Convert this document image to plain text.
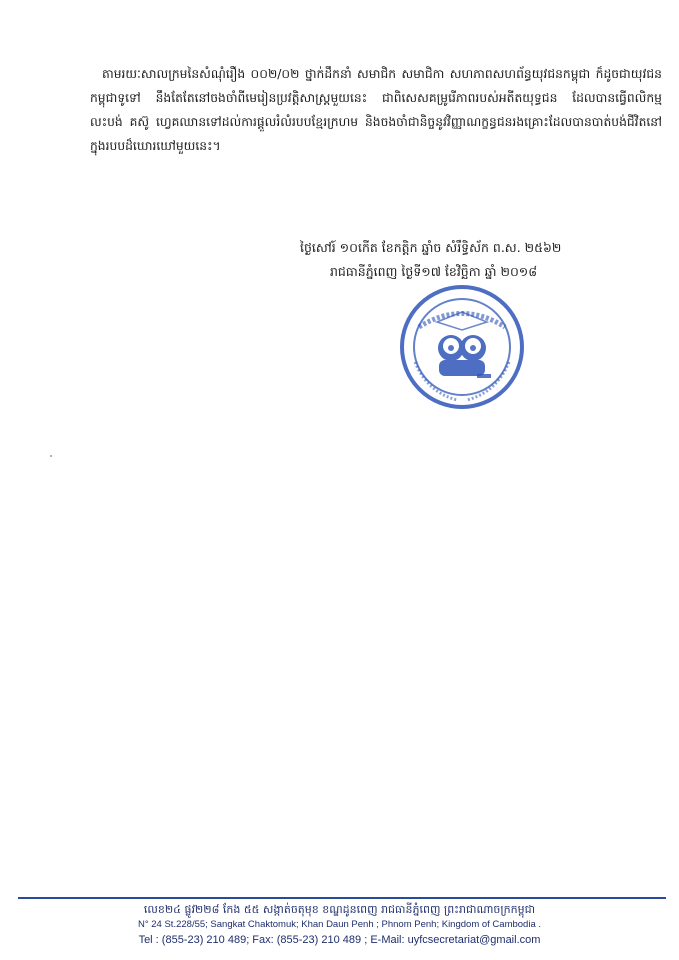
តាមរយៈសាលក្រមនៃសំណុំរឿង ០០២/០២ ថ្នាក់ដឹកនាំ សមាជិក សមាជិកា សហភាពសហព័ន្ធយុវជនកម្ពុជា ក៏ដូចជាយុវជនកម្ពុជាទូទៅ នឹងតែតែនៅចងចាំពីមេរៀនប្រវត្តិសាស្ត្រមួយនេះ ជាពិសេសគម្រូរើភាពរបស់អតីតយុទ្ធជន ដែលបានធ្វើពលិកម្ម លះបង់ គស៊ូ ហ្វេគឈានទៅដល់ការផ្តួលរំលំរបបខ្មែរក្រហម និងចងចាំជានិច្ចនូវវិញ្ញាណក្ខន្ធជនរងគ្រោះដែលបានបាត់បង់ជីវិតនៅក្នុងរបបដ៏ឃោរឃៅមួយនេះ។

ថ្ងៃសៅរ៍ ១០កើត ខែកត្តិក ឆ្នាំច សំរឹទ្ធិស័ក ព.ស. ២៥៦២
រាជធានីភ្នំពេញ ថ្ងៃទី១៧ ខែវិច្ឆិកា ឆ្នាំ ២០១៨
លេខ២៤ ផ្លូវ២២៨ កែង ៥៥ សង្កាត់ចតុមុខ ខណ្ឌដូនពេញ រាជធានីភ្នំពេញ ព្រះរាជាណាចក្រកម្ពុជា
N° 24 St.228/55; Sangkat Chaktomuk; Khan Daun Penh ; Phnom Penh; Kingdom of Cambodia .
Tel : (855-23) 210 489; Fax: (855-23) 210 489 ; E-Mail: uyfcsecretariat@gmail.com
